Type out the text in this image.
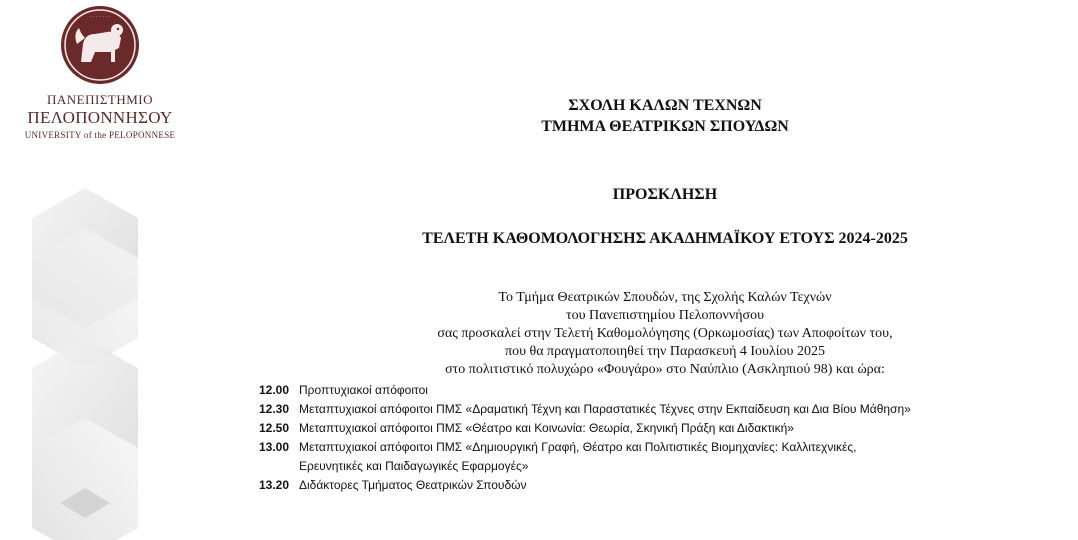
· · · · · · ·
ΠΑΝΕΠΙΣΤΗΜΙΟ
ΠΕΛΟΠΟΝΝΗΣΟΥ
UNIVERSITY of the PELOPONNESE
ΣΧΟΛΗ ΚΑΛΩΝ ΤΕΧΝΩΝ
ΤΜΗΜΑ ΘΕΑΤΡΙΚΩΝ ΣΠΟΥΔΩΝ
ΠΡΟΣΚΛΗΣΗ
ΤΕΛΕΤΗ ΚΑΘΟΜΟΛΟΓΗΣΗΣ ΑΚΑΔΗΜΑΪΚΟΥ ΕΤΟΥΣ 2024-2025
Το Τμήμα Θεατρικών Σπουδών, της Σχολής Καλών Τεχνών
του Πανεπιστημίου Πελοποννήσου
σας προσκαλεί στην Τελετή Καθομολόγησης (Ορκωμοσίας) των Αποφοίτων του,
που θα πραγματοποιηθεί την Παρασκευή 4 Ιουλίου 2025
στο πολιτιστικό πολυχώρο «Φουγάρο» στο Ναύπλιο (Ασκληπιού 98) και ώρα:
12.00 Προπτυχιακοί απόφοιτοι
12.30 Μεταπτυχιακοί απόφοιτοι ΠΜΣ «Δραματική Τέχνη και Παραστατικές Τέχνες στην Εκπαίδευση και Δια Βίου Μάθηση»
12.50 Μεταπτυχιακοί απόφοιτοι ΠΜΣ «Θέατρο και Κοινωνία: Θεωρία, Σκηνική Πράξη και Διδακτική»
13.00 Μεταπτυχιακοί απόφοιτοι ΠΜΣ «Δημιουργική Γραφή, Θέατρο και Πολιτιστικές Βιομηχανίες: Καλλιτεχνικές,
Ερευνητικές και Παιδαγωγικές Εφαρμογές»
13.20 Διδάκτορες Τμήματος Θεατρικών Σπουδών
